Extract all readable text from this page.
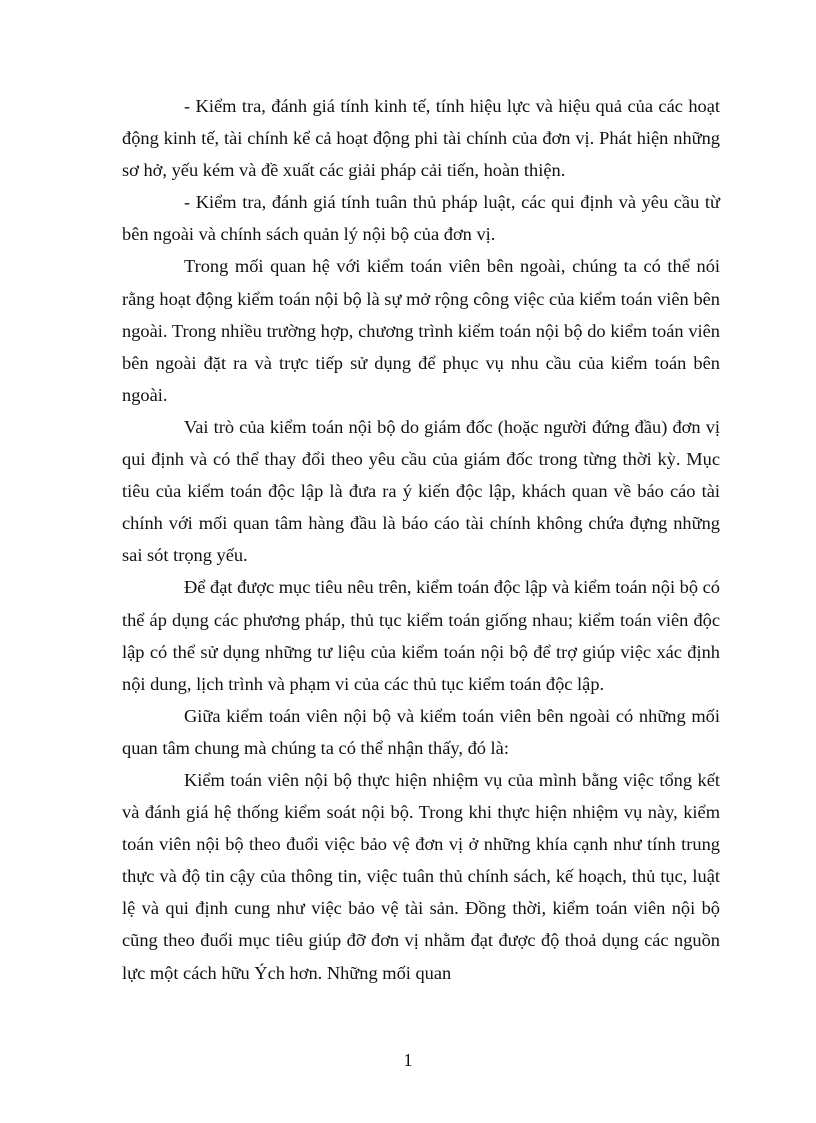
- Kiểm tra, đánh giá tính kinh tế, tính hiệu lực và hiệu quả của các hoạt động kinh tế, tài chính kể cả hoạt động phi tài chính của đơn vị. Phát hiện những sơ hở, yếu kém và đề xuất các giải pháp cải tiến, hoàn thiện.

- Kiểm tra, đánh giá tính tuân thủ pháp luật, các qui định và yêu cầu từ bên ngoài và chính sách quản lý nội bộ của đơn vị.

Trong mối quan hệ với kiểm toán viên bên ngoài, chúng ta có thể nói rằng hoạt động kiểm toán nội bộ là sự mở rộng công việc của kiểm toán viên bên ngoài. Trong nhiều trường hợp, chương trình kiểm toán nội bộ do kiểm toán viên bên ngoài đặt ra và trực tiếp sử dụng để phục vụ nhu cầu của kiểm toán bên ngoài.

Vai trò của kiểm toán nội bộ do giám đốc (hoặc người đứng đầu) đơn vị qui định và có thể thay đổi theo yêu cầu của giám đốc trong từng thời kỳ. Mục tiêu của kiểm toán độc lập là đưa ra ý kiến độc lập, khách quan về báo cáo tài chính với mối quan tâm hàng đầu là báo cáo tài chính không chứa đựng những sai sót trọng yếu.

Để đạt được mục tiêu nêu trên, kiểm toán độc lập và kiểm toán nội bộ có thể áp dụng các phương pháp, thủ tục kiểm toán giống nhau; kiểm toán viên độc lập có thể sử dụng những tư liệu của kiểm toán nội bộ để trợ giúp việc xác định nội dung, lịch trình và phạm vi của các thủ tục kiểm toán độc lập.

Giữa kiểm toán viên nội bộ và kiểm toán viên bên ngoài có những mối quan tâm chung mà chúng ta có thể nhận thấy, đó là:

Kiểm toán viên nội bộ thực hiện nhiệm vụ của mình bằng việc tổng kết và đánh giá hệ thống kiểm soát nội bộ. Trong khi thực hiện nhiệm vụ này, kiểm toán viên nội bộ theo đuổi việc bảo vệ đơn vị ở những khía cạnh như tính trung thực và độ tin cậy của thông tin, việc tuân thủ chính sách, kế hoạch, thủ tục, luật lệ và qui định cung như việc bảo vệ tài sản. Đồng thời, kiểm toán viên nội bộ cũng theo đuổi mục tiêu giúp đỡ đơn vị nhằm đạt được độ thoả dụng các nguồn lực một cách hữu Ých hơn. Những mối quan

1
